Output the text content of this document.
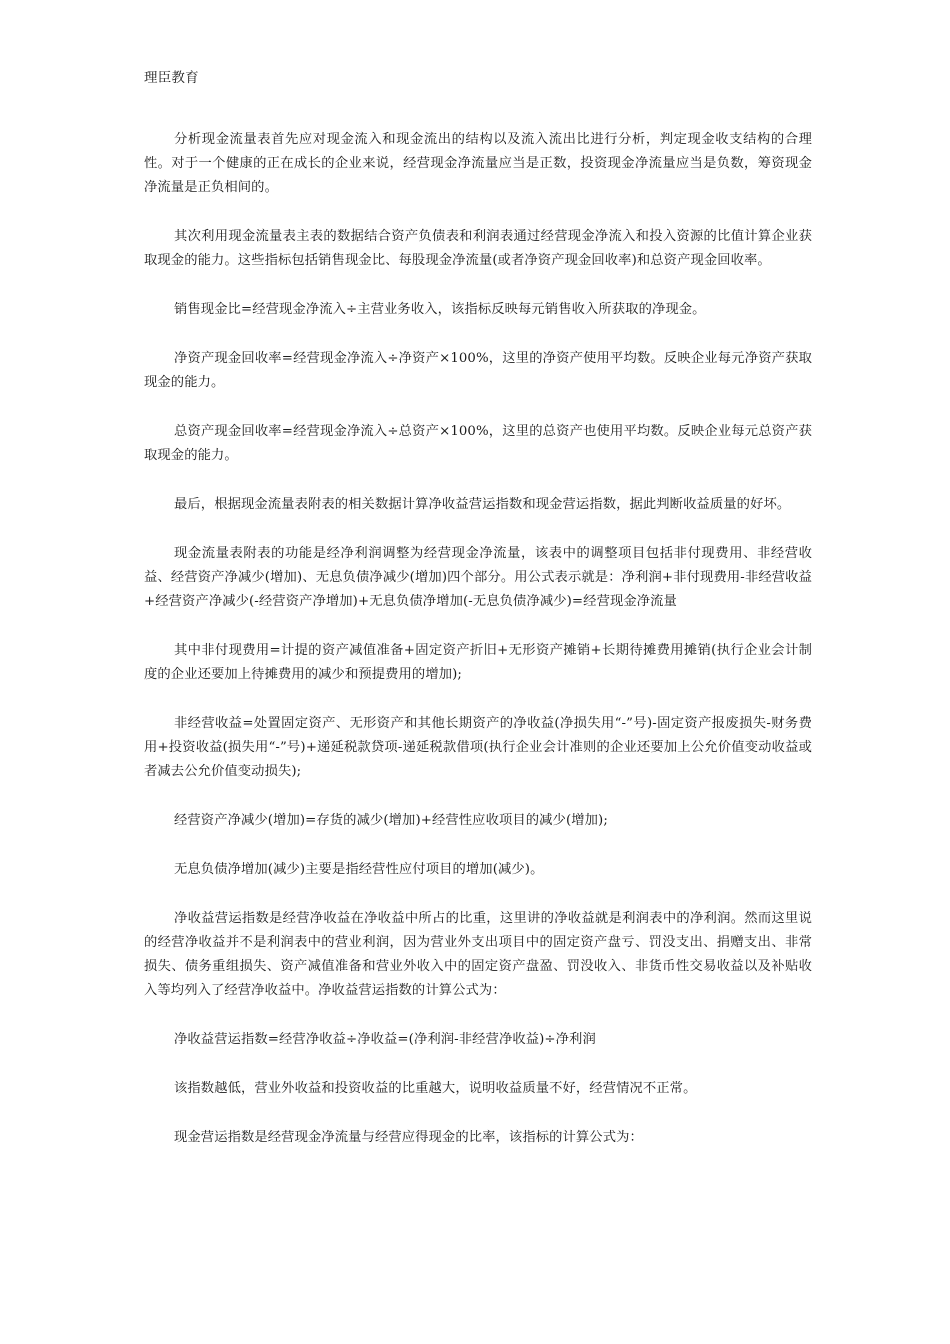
理臣教育

分析现金流量表首先应对现金流入和现金流出的结构以及流入流出比进行分析，判定现金收支结构的合理性。对于一个健康的正在成长的企业来说，经营现金净流量应当是正数，投资现金净流量应当是负数，筹资现金净流量是正负相间的。

其次利用现金流量表主表的数据结合资产负债表和利润表通过经营现金净流入和投入资源的比值计算企业获取现金的能力。这些指标包括销售现金比、每股现金净流量(或者净资产现金回收率)和总资产现金回收率。

销售现金比=经营现金净流入÷主营业务收入，该指标反映每元销售收入所获取的净现金。

净资产现金回收率=经营现金净流入÷净资产×100%，这里的净资产使用平均数。反映企业每元净资产获取现金的能力。

总资产现金回收率=经营现金净流入÷总资产×100%，这里的总资产也使用平均数。反映企业每元总资产获取现金的能力。

最后，根据现金流量表附表的相关数据计算净收益营运指数和现金营运指数，据此判断收益质量的好坏。

现金流量表附表的功能是经净利润调整为经营现金净流量，该表中的调整项目包括非付现费用、非经营收益、经营资产净减少(增加)、无息负债净减少(增加)四个部分。用公式表示就是：净利润+非付现费用-非经营收益+经营资产净减少(-经营资产净增加)+无息负债净增加(-无息负债净减少)=经营现金净流量

其中非付现费用=计提的资产减值准备+固定资产折旧+无形资产摊销+长期待摊费用摊销(执行企业会计制度的企业还要加上待摊费用的减少和预提费用的增加);

非经营收益=处置固定资产、无形资产和其他长期资产的净收益(净损失用“-”号)-固定资产报废损失-财务费用+投资收益(损失用“-”号)+递延税款贷项-递延税款借项(执行企业会计准则的企业还要加上公允价值变动收益或者减去公允价值变动损失);

经营资产净减少(增加)=存货的减少(增加)+经营性应收项目的减少(增加);

无息负债净增加(减少)主要是指经营性应付项目的增加(减少)。

净收益营运指数是经营净收益在净收益中所占的比重，这里讲的净收益就是利润表中的净利润。然而这里说的经营净收益并不是利润表中的营业利润，因为营业外支出项目中的固定资产盘亏、罚没支出、捐赠支出、非常损失、债务重组损失、资产减值准备和营业外收入中的固定资产盘盈、罚没收入、非货币性交易收益以及补贴收入等均列入了经营净收益中。净收益营运指数的计算公式为：

净收益营运指数=经营净收益÷净收益=(净利润-非经营净收益)÷净利润

该指数越低，营业外收益和投资收益的比重越大，说明收益质量不好，经营情况不正常。

现金营运指数是经营现金净流量与经营应得现金的比率，该指标的计算公式为：
